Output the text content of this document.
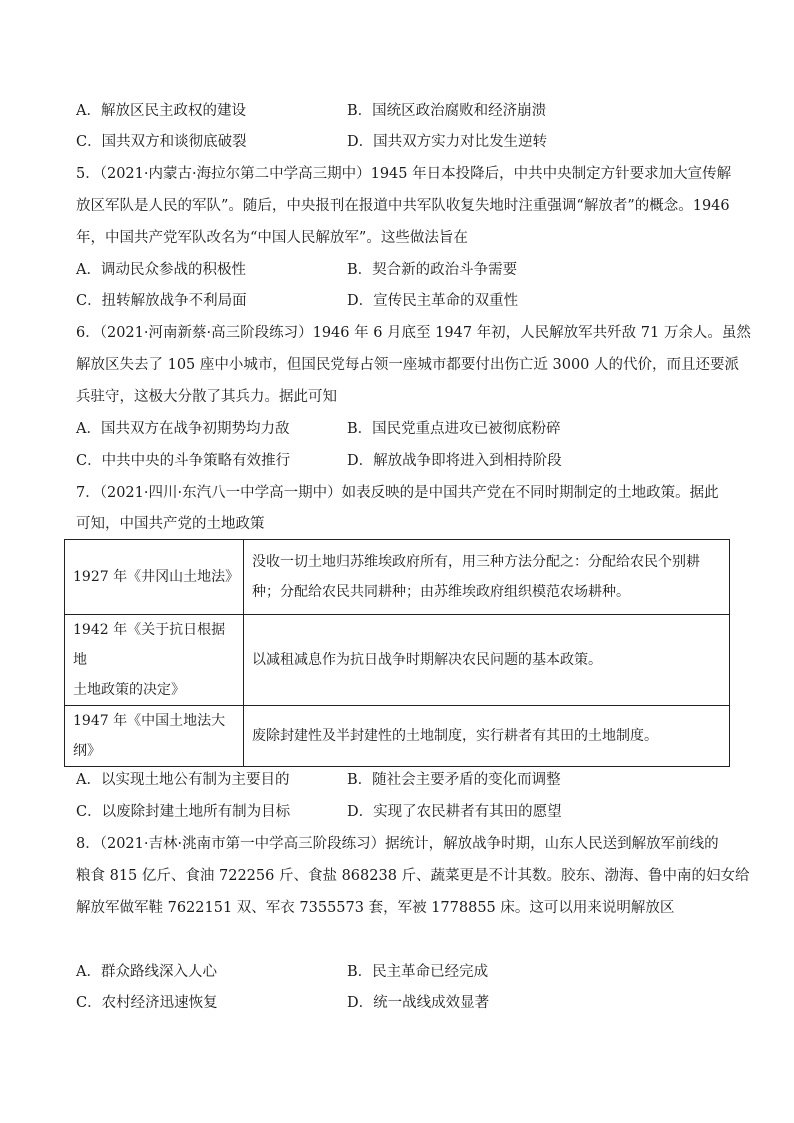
A．解放区民主政权的建设	B．国统区政治腐败和经济崩溃
C．国共双方和谈彻底破裂	D．国共双方实力对比发生逆转
5．（2021·内蒙古·海拉尔第二中学高三期中）1945 年日本投降后，中共中央制定方针要求加大宣传解
放区军队是人民的军队”。随后，中央报刊在报道中共军队收复失地时注重强调“解放者”的概念。1946
年，中国共产党军队改名为“中国人民解放军”。这些做法旨在
A．调动民众参战的积极性	B．契合新的政治斗争需要
C．扭转解放战争不利局面	D．宣传民主革命的双重性
6．（2021·河南新蔡·高三阶段练习）1946 年 6 月底至 1947 年初，人民解放军共歼敌 71 万余人。虽然
解放区失去了 105 座中小城市，但国民党每占领一座城市都要付出伤亡近 3000 人的代价，而且还要派
兵驻守，这极大分散了其兵力。据此可知
A．国共双方在战争初期势均力敌	B．国民党重点进攻已被彻底粉碎
C．中共中央的斗争策略有效推行	D．解放战争即将进入到相持阶段
7．（2021·四川·东汽八一中学高一期中）如表反映的是中国共产党在不同时期制定的土地政策。据此
可知，中国共产党的土地政策
1927 年《井冈山土地法》	没收一切土地归苏维埃政府所有，用三种方法分配之：分配给农民个别耕
种；分配给农民共同耕种；由苏维埃政府组织模范农场耕种。

1942 年《关于抗日根据地
土地政策的决定》	以减租减息作为抗日战争时期解决农民问题的基本政策。

1947 年《中国土地法大纲》	废除封建性及半封建性的土地制度，实行耕者有其田的土地制度。
A．以实现土地公有制为主要目的	B．随社会主要矛盾的变化而调整
C．以废除封建土地所有制为目标	D．实现了农民耕者有其田的愿望
8．（2021·吉林·洮南市第一中学高三阶段练习）据统计，解放战争时期，山东人民送到解放军前线的
粮食 815 亿斤、食油 722256 斤、食盐 868238 斤、蔬菜更是不计其数。胶东、渤海、鲁中南的妇女给
解放军做军鞋 7622151 双、军衣 7355573 套，军被 1778855 床。这可以用来说明解放区
A．群众路线深入人心	B．民主革命已经完成
C．农村经济迅速恢复	D．统一战线成效显著
